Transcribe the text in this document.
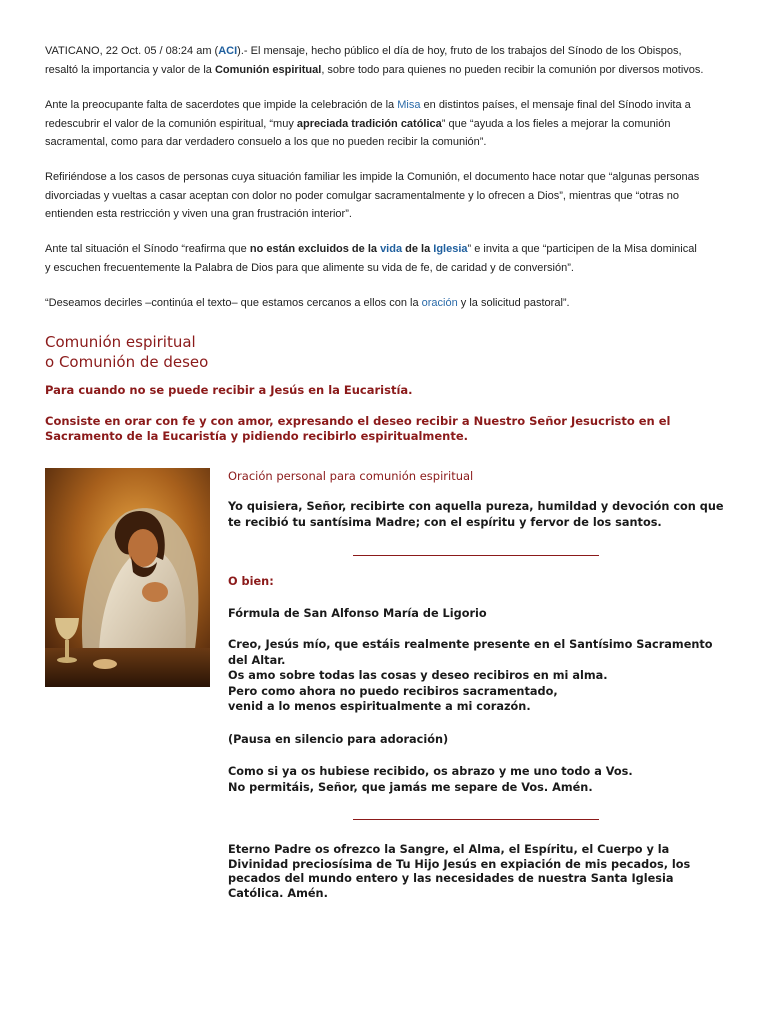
VATICANO, 22 Oct. 05 / 08:24 am (ACI).- El mensaje, hecho público el día de hoy, fruto de los trabajos del Sínodo de los Obispos,
resaltó la importancia y valor de la Comunión espiritual, sobre todo para quienes no pueden recibir la comunión por diversos motivos.
Ante la preocupante falta de sacerdotes que impide la celebración de la Misa en distintos países, el mensaje final del Sínodo invita a
redescubrir el valor de la comunión espiritual, “muy apreciada tradición católica” que “ayuda a los fieles a mejorar la comunión
sacramental, como para dar verdadero consuelo a los que no pueden recibir la comunión”.
Refiriéndose a los casos de personas cuya situación familiar les impide la Comunión, el documento hace notar que “algunas personas
divorciadas y vueltas a casar aceptan con dolor no poder comulgar sacramentalmente y lo ofrecen a Dios”, mientras que “otras no
entienden esta restricción y viven una gran frustración interior”.
Ante tal situación el Sínodo “reafirma que no están excluidos de la vida de la Iglesia” e invita a que “participen de la Misa dominical
y escuchen frecuentemente la Palabra de Dios para que alimente su vida de fe, de caridad y de conversión”.
“Deseamos decirles –continúa el texto– que estamos cercanos a ellos con la oración y la solicitud pastoral”.
Comunión espiritual
o Comunión de deseo
Para cuando no se puede recibir a Jesús en la Eucaristía.
Consiste en orar con fe y con amor, expresando el deseo recibir a Nuestro Señor Jesucristo en el
Sacramento de la Eucaristía y pidiendo recibirlo espiritualmente.
Oración personal para comunión espiritual
Yo quisiera, Señor, recibirte con aquella pureza, humildad y devoción con que
te recibió tu santísima Madre; con el espíritu y fervor de los santos.
O bien:
Fórmula de San Alfonso María de Ligorio
Creo, Jesús mío, que estáis realmente presente en el Santísimo Sacramento
del Altar.
Os amo sobre todas las cosas y deseo recibiros en mi alma.
Pero como ahora no puedo recibiros sacramentado,
venid a lo menos espiritualmente a mi corazón.
(Pausa en silencio para adoración)
Como si ya os hubiese recibido, os abrazo y me uno todo a Vos.
No permitáis, Señor, que jamás me separe de Vos. Amén.
Eterno Padre os ofrezco la Sangre, el Alma, el Espíritu, el Cuerpo y la
Divinidad preciosísima de Tu Hijo Jesús en expiación de mis pecados, los
pecados del mundo entero y las necesidades de nuestra Santa Iglesia
Católica. Amén.
